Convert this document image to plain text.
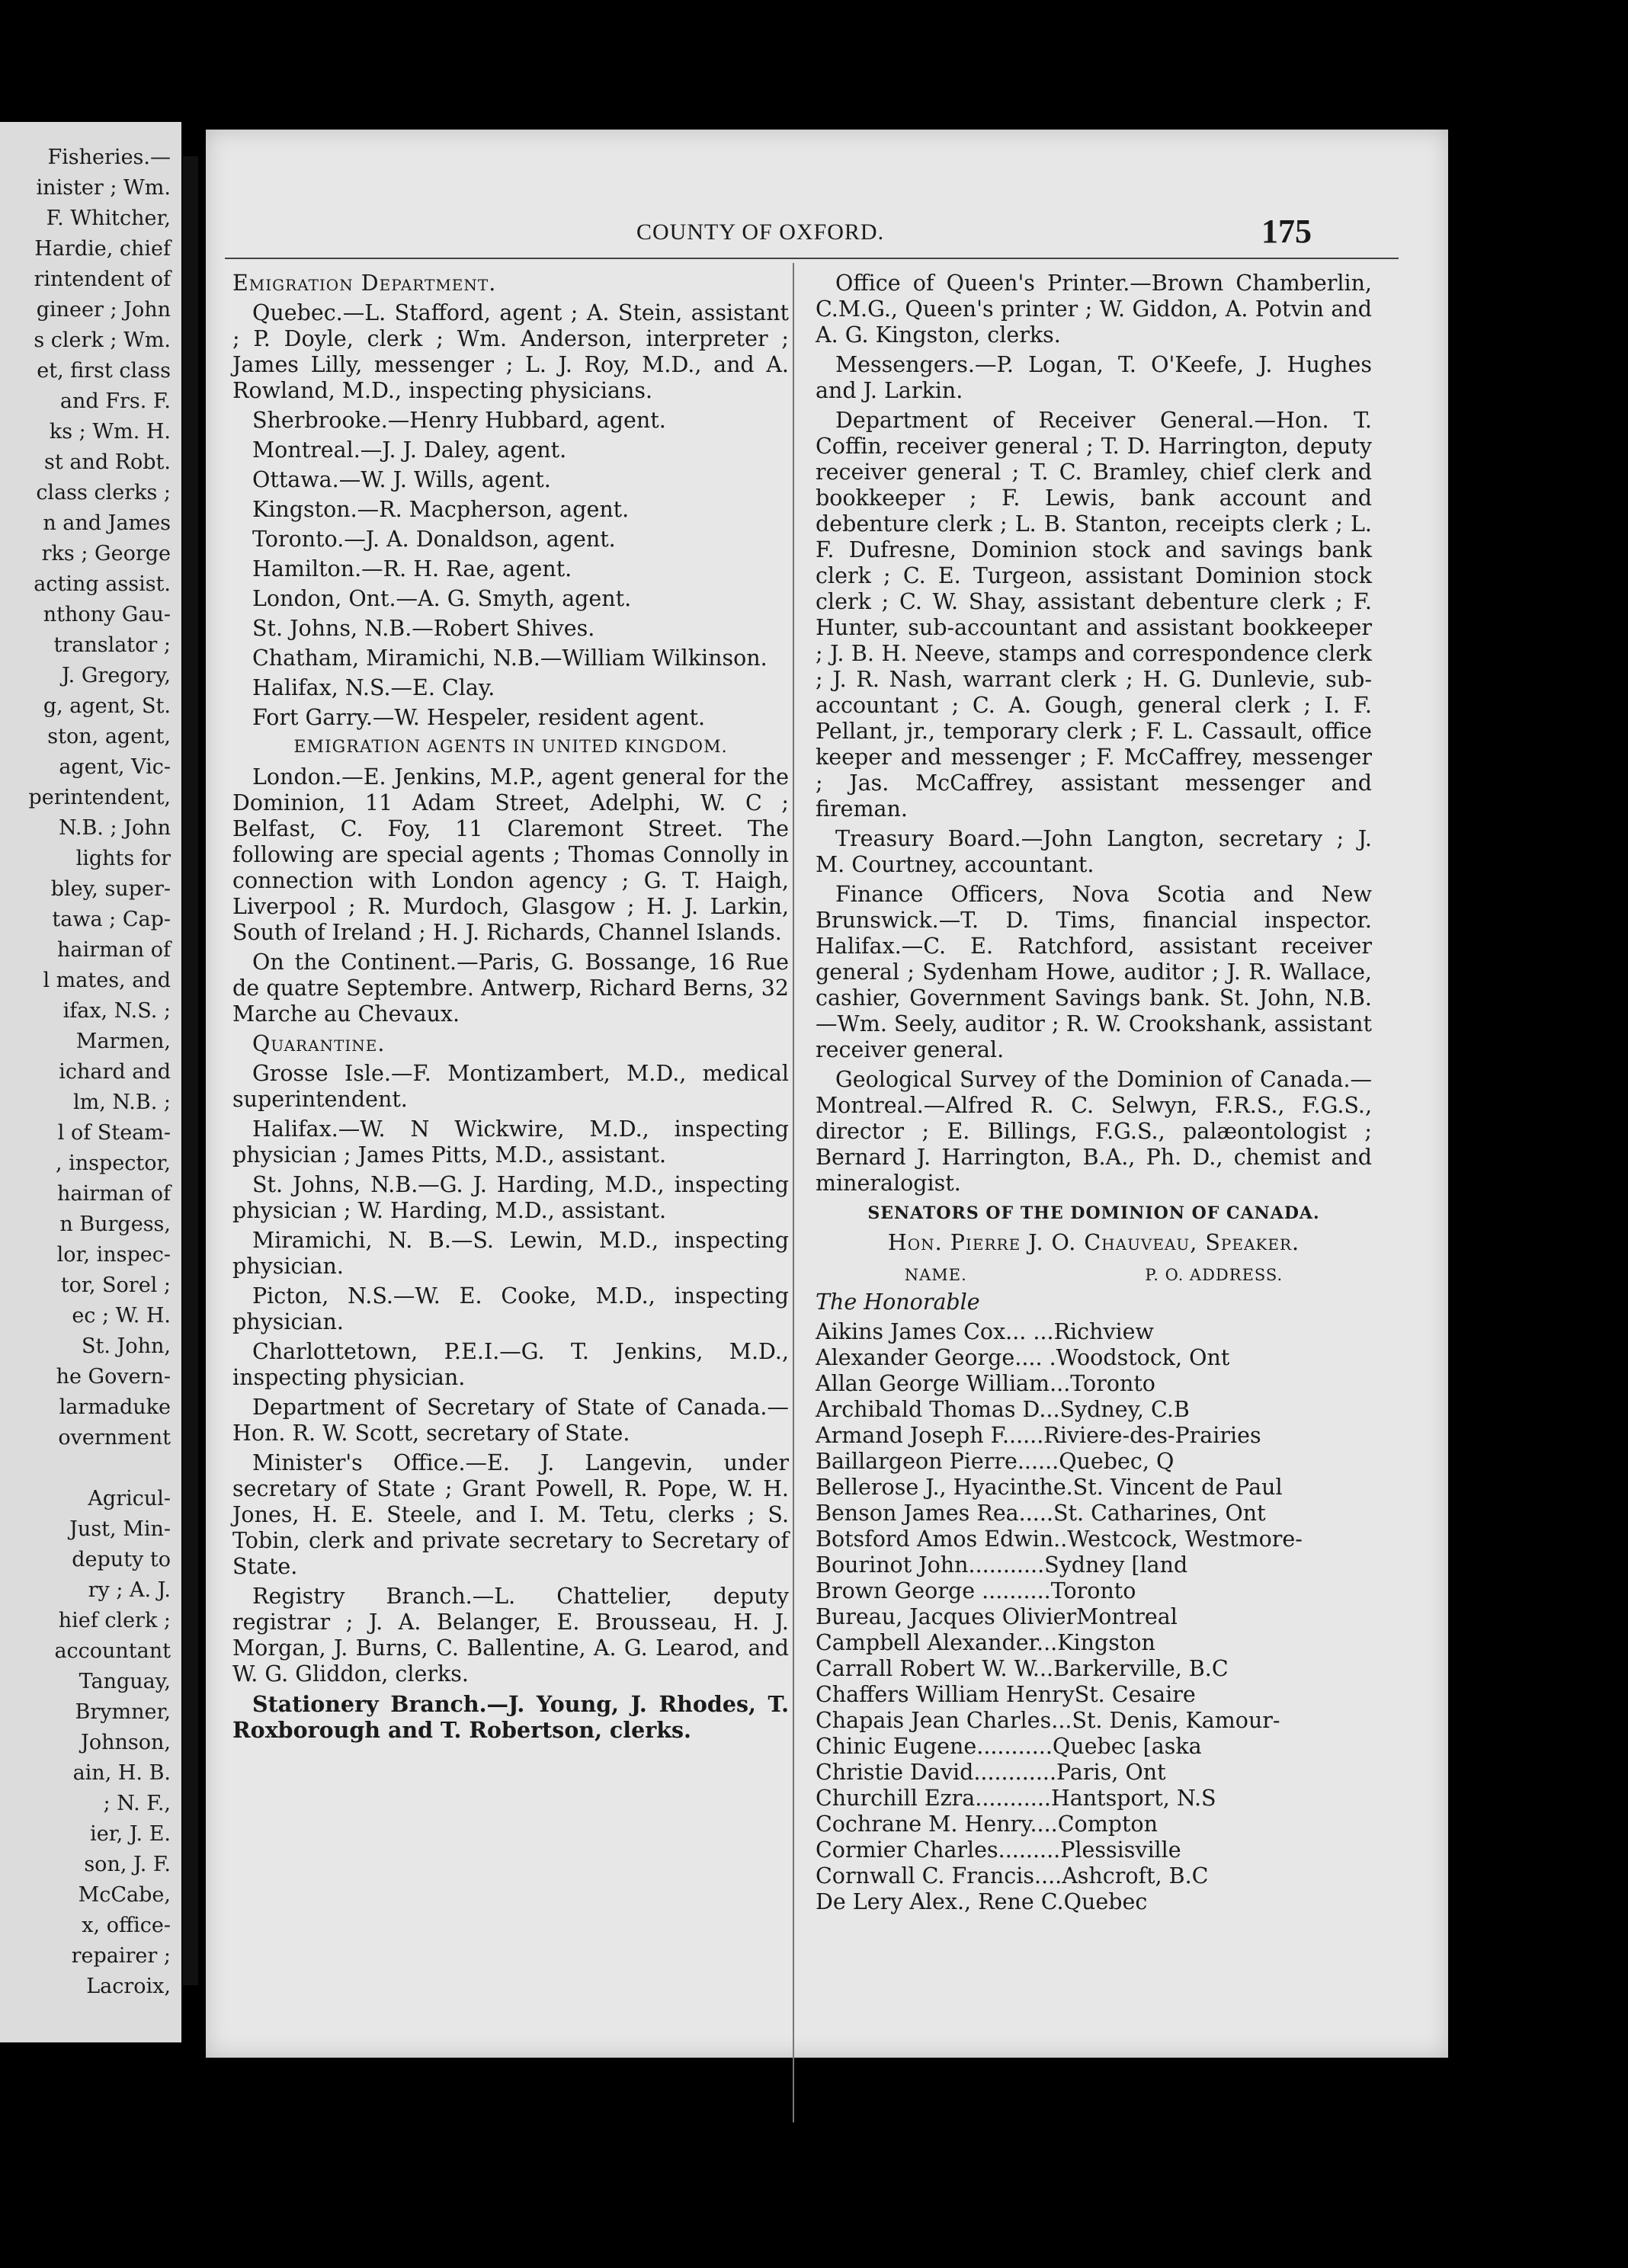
Fisheries.—
inister ; Wm.
F. Whitcher,
Hardie, chief
rintendent of
gineer ; John
s clerk ; Wm.
et, first class
and Frs. F.
ks ; Wm. H.
st and Robt.
class clerks ;
n and James
rks ; George
acting assist.
nthony Gau-
translator ;
J. Gregory,
g, agent, St.
ston, agent,
agent, Vic-
perintendent,
N.B. ; John
lights for
bley, super-
tawa ; Cap-
hairman of
l mates, and
ifax, N.S. ;
Marmen,
ichard and
lm, N.B. ;
l of Steam-
, inspector,
hairman of
n Burgess,
lor, inspec-
tor, Sorel ;
ec ; W. H.
St. John,
he Govern-
larmaduke
overnment
Agricul-
Just, Min-
deputy to
ry ; A. J.
hief clerk ;
accountant
Tanguay,
Brymner,
Johnson,
ain, H. B.
; N. F.,
ier, J. E.
son, J. F.
McCabe,
x, office-
repairer ;
Lacroix,
COUNTY OF OXFORD.	175

Emigration Department.

Quebec.—L. Stafford, agent ; A. Stein, assistant ; P. Doyle, clerk ; Wm. Anderson, interpreter ; James Lilly, messenger ; L. J. Roy, M.D., and A. Rowland, M.D., inspecting physicians.

Sherbrooke.—Henry Hubbard, agent.

Montreal.—J. J. Daley, agent.

Ottawa.—W. J. Wills, agent.

Kingston.—R. Macpherson, agent.

Toronto.—J. A. Donaldson, agent.

Hamilton.—R. H. Rae, agent.

London, Ont.—A. G. Smyth, agent.

St. Johns, N.B.—Robert Shives.

Chatham, Miramichi, N.B.—William Wilkinson.

Halifax, N.S.—E. Clay.

Fort Garry.—W. Hespeler, resident agent.

EMIGRATION AGENTS IN UNITED KINGDOM.

London.—E. Jenkins, M.P., agent general for the Dominion, 11 Adam Street, Adelphi, W. C ; Belfast, C. Foy, 11 Claremont Street. The following are special agents ; Thomas Connolly in connection with London agency ; G. T. Haigh, Liverpool ; R. Murdoch, Glasgow ; H. J. Larkin, South of Ireland ; H. J. Richards, Channel Islands.

On the Continent.—Paris, G. Bossange, 16 Rue de quatre Septembre. Antwerp, Richard Berns, 32 Marche au Chevaux.

Quarantine.

Grosse Isle.—F. Montizambert, M.D., medical superintendent.

Halifax.—W. N Wickwire, M.D., inspecting physician ; James Pitts, M.D., assistant.

St. Johns, N.B.—G. J. Harding, M.D., inspecting physician ; W. Harding, M.D., assistant.

Miramichi, N. B.—S. Lewin, M.D., inspecting physician.

Picton, N.S.—W. E. Cooke, M.D., inspecting physician.

Charlottetown, P.E.I.—G. T. Jenkins, M.D., inspecting physician.

Department of Secretary of State of Canada.—Hon. R. W. Scott, secretary of State.

Minister's Office.—E. J. Langevin, under secretary of State ; Grant Powell, R. Pope, W. H. Jones, H. E. Steele, and I. M. Tetu, clerks ; S. Tobin, clerk and private secretary to Secretary of State.

Registry Branch.—L. Chattelier, deputy registrar ; J. A. Belanger, E. Brousseau, H. J. Morgan, J. Burns, C. Ballentine, A. G. Learod, and W. G. Gliddon, clerks.

Stationery Branch.—J. Young, J. Rhodes, T. Roxborough and T. Robertson, clerks.

Office of Queen's Printer.—Brown Chamberlin, C.M.G., Queen's printer ; W. Giddon, A. Potvin and A. G. Kingston, clerks.

Messengers.—P. Logan, T. O'Keefe, J. Hughes and J. Larkin.

Department of Receiver General.—Hon. T. Coffin, receiver general ; T. D. Harrington, deputy receiver general ; T. C. Bramley, chief clerk and bookkeeper ; F. Lewis, bank account and debenture clerk ; L. B. Stanton, receipts clerk ; L. F. Dufresne, Dominion stock and savings bank clerk ; C. E. Turgeon, assistant Dominion stock clerk ; C. W. Shay, assistant debenture clerk ; F. Hunter, sub-accountant and assistant bookkeeper ; J. B. H. Neeve, stamps and correspondence clerk ; J. R. Nash, warrant clerk ; H. G. Dunlevie, sub-accountant ; C. A. Gough, general clerk ; I. F. Pellant, jr., temporary clerk ; F. L. Cassault, office keeper and messenger ; F. McCaffrey, messenger ; Jas. McCaffrey, assistant messenger and fireman.

Treasury Board.—John Langton, secretary ; J. M. Courtney, accountant.

Finance Officers, Nova Scotia and New Brunswick.—T. D. Tims, financial inspector. Halifax.—C. E. Ratchford, assistant receiver general ; Sydenham Howe, auditor ; J. R. Wallace, cashier, Government Savings bank. St. John, N.B.—Wm. Seely, auditor ; R. W. Crookshank, assistant receiver general.

Geological Survey of the Dominion of Canada.—Montreal.—Alfred R. C. Selwyn, F.R.S., F.G.S., director ; E. Billings, F.G.S., palæontologist ; Bernard J. Harrington, B.A., Ph. D., chemist and mineralogist.

SENATORS OF THE DOMINION OF CANADA.

Hon. Pierre J. O. Chauveau, Speaker.

NAME.	P. O. ADDRESS.

The Honorable

Aikins James Cox... ...Richview
Alexander George.... .Woodstock, Ont
Allan George William...Toronto
Archibald Thomas D...Sydney, C.B
Armand Joseph F......Riviere-des-Prairies
Baillargeon Pierre......Quebec, Q
Bellerose J., Hyacinthe.St. Vincent de Paul
Benson James Rea.....St. Catharines, Ont
Botsford Amos Edwin..Westcock, Westmore-
Bourinot John...........Sydney [land
Brown George ..........Toronto
Bureau, Jacques OlivierMontreal
Campbell Alexander...Kingston
Carrall Robert W. W...Barkerville, B.C
Chaffers William HenrySt. Cesaire
Chapais Jean Charles...St. Denis, Kamour-
Chinic Eugene...........Quebec [aska
Christie David............Paris, Ont
Churchill Ezra...........Hantsport, N.S
Cochrane M. Henry....Compton
Cormier Charles.........Plessisville
Cornwall C. Francis....Ashcroft, B.C
De Lery Alex., Rene C.Quebec
